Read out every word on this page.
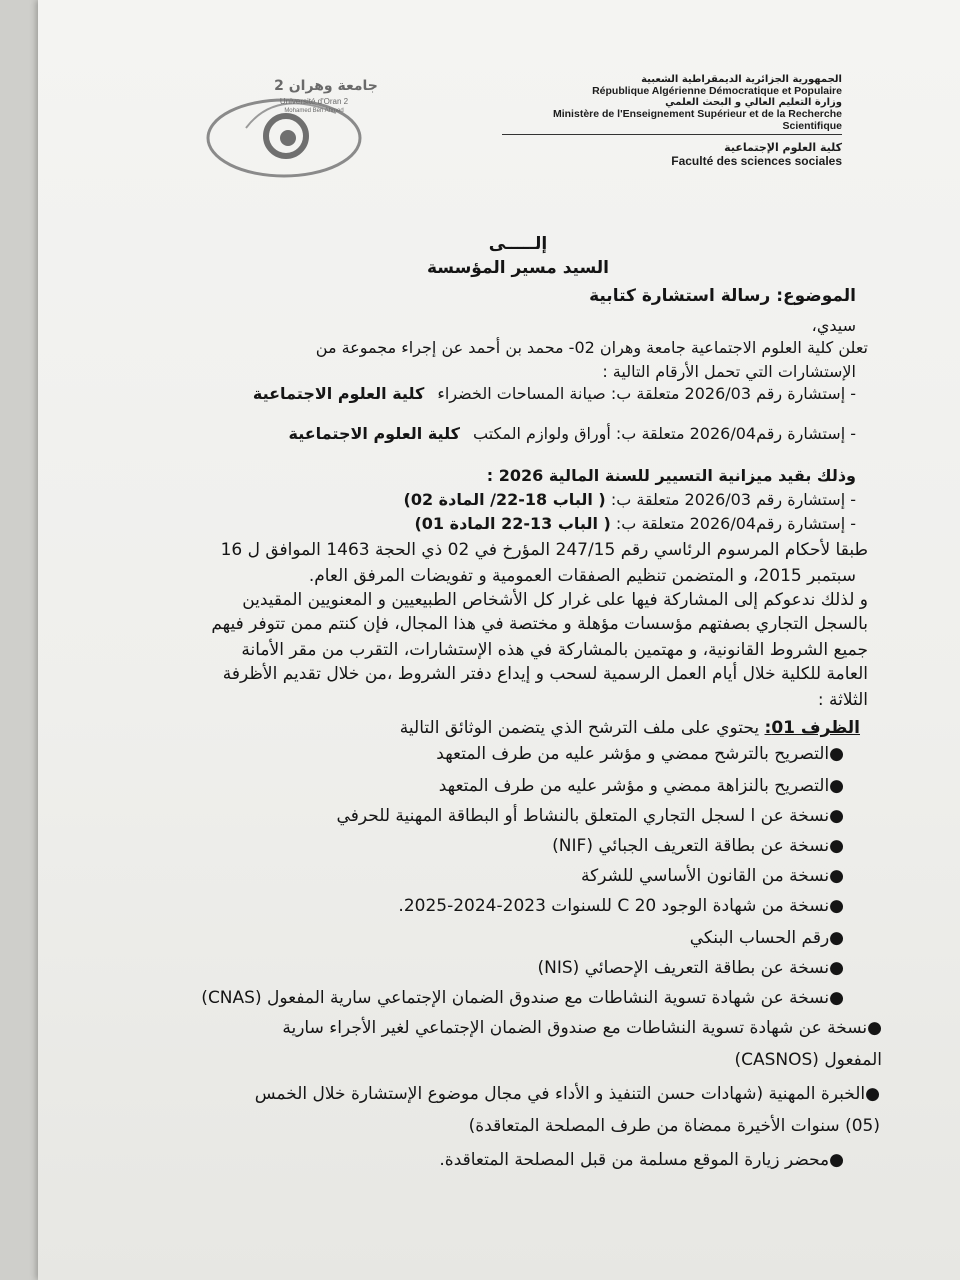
جامعة وهران 2
Université d'Oran 2
Mohamed Ben Ahmed
الجمهورية الجزائرية الديمقراطية الشعبية
République Algérienne Démocratique et Populaire
وزارة التعليم العالي و البحث العلمي
Ministère de l'Enseignement Supérieur et de la Recherche Scientifique
كلية العلوم الإجتماعية
Faculté des sciences sociales
إلـــــى
السيد مسير المؤسسة
الموضوع: رسالة استشارة كتابية
سيدي،
تعلن كلية العلوم الاجتماعية جامعة وهران 02- محمد بن أحمد عن إجراء مجموعة من
الإستشارات التي تحمل الأرقام التالية :
- إستشارة رقم 2026/03 متعلقة ب: صيانة المساحات الخضراء كلية العلوم الاجتماعية
- إستشارة رقم2026/04 متعلقة ب: أوراق ولوازم المكتب كلية العلوم الاجتماعية
وذلك بقيد ميزانية التسيير للسنة المالية 2026 :
- إستشارة رقم 2026/03 متعلقة ب: ( الباب 18-22/ المادة 02)
- إستشارة رقم2026/04 متعلقة ب: ( الباب 13-22 المادة 01)
طبقا لأحكام المرسوم الرئاسي رقم 247/15 المؤرخ في 02 ذي الحجة 1463 الموافق ل 16
سبتمبر 2015، و المتضمن تنظيم الصفقات العمومية و تفويضات المرفق العام.
و لذلك ندعوكم إلى المشاركة فيها على غرار كل الأشخاص الطبيعيين و المعنويين المقيدين
بالسجل التجاري بصفتهم مؤسسات مؤهلة و مختصة في هذا المجال، فإن كنتم ممن تتوفر فيهم
جميع الشروط القانونية، و مهتمين بالمشاركة في هذه الإستشارات، التقرب من مقر الأمانة
العامة للكلية خلال أيام العمل الرسمية لسحب و إيداع دفتر الشروط ،من خلال تقديم الأظرفة
الثلاثة :
الظرف 01: يحتوي على ملف الترشح الذي يتضمن الوثائق التالية
●التصريح بالترشح ممضي و مؤشر عليه من طرف المتعهد
●التصريح بالنزاهة ممضي و مؤشر عليه من طرف المتعهد
●نسخة عن ا لسجل التجاري المتعلق بالنشاط أو البطاقة المهنية للحرفي
●نسخة عن بطاقة التعريف الجبائي (NIF)
●نسخة من القانون الأساسي للشركة
●نسخة من شهادة الوجود C 20 للسنوات 2023-2024-2025.
●رقم الحساب البنكي
●نسخة عن بطاقة التعريف الإحصائي (NIS)
●نسخة عن شهادة تسوية النشاطات مع صندوق الضمان الإجتماعي سارية المفعول (CNAS)
●نسخة عن شهادة تسوية النشاطات مع صندوق الضمان الإجتماعي لغير الأجراء سارية
المفعول (CASNOS)
●الخبرة المهنية (شهادات حسن التنفيذ و الأداء في مجال موضوع الإستشارة خلال الخمس
(05) سنوات الأخيرة ممضاة من طرف المصلحة المتعاقدة)
●محضر زيارة الموقع مسلمة من قبل المصلحة المتعاقدة.
